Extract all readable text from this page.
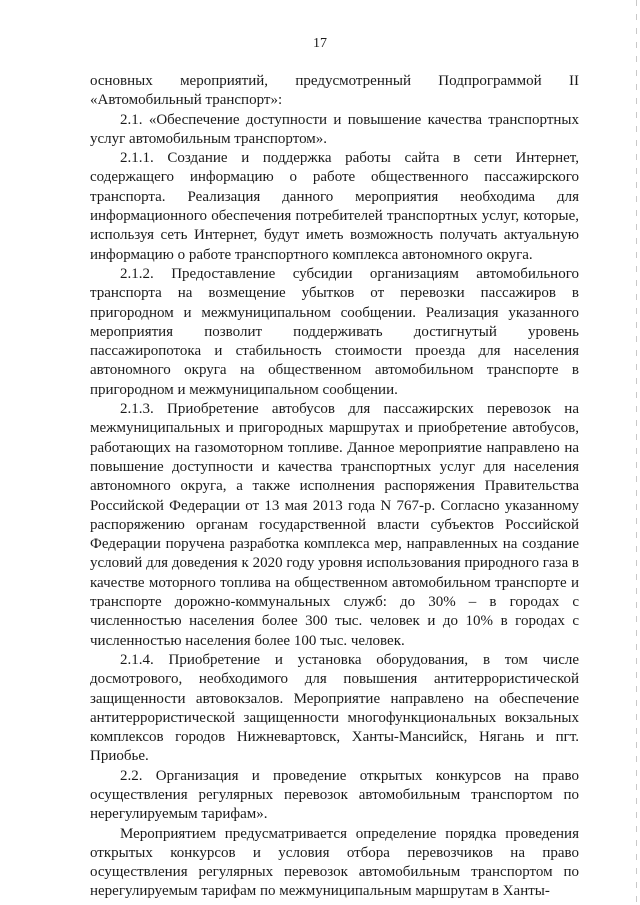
17

основных мероприятий, предусмотренный Подпрограммой II «Автомобильный транспорт»:

2.1. «Обеспечение доступности и повышение качества транспортных услуг автомобильным транспортом».

2.1.1. Создание и поддержка работы сайта в сети Интернет, содержащего информацию о работе общественного пассажирского транспорта. Реализация данного мероприятия необходима для информационного обеспечения потребителей транспортных услуг, которые, используя сеть Интернет, будут иметь возможность получать актуальную информацию о работе транспортного комплекса автономного округа.

2.1.2. Предоставление субсидии организациям автомобильного транспорта на возмещение убытков от перевозки пассажиров в пригородном и межмуниципальном сообщении. Реализация указанного мероприятия позволит поддерживать достигнутый уровень пассажиропотока и стабильность стоимости проезда для населения автономного округа на общественном автомобильном транспорте в пригородном и межмуниципальном сообщении.

2.1.3. Приобретение автобусов для пассажирских перевозок на межмуниципальных и пригородных маршрутах и приобретение автобусов, работающих на газомоторном топливе. Данное мероприятие направлено на повышение доступности и качества транспортных услуг для населения автономного округа, а также исполнения распоряжения Правительства Российской Федерации от 13 мая 2013 года N 767-р. Согласно указанному распоряжению органам государственной власти субъектов Российской Федерации поручена разработка комплекса мер, направленных на создание условий для доведения к 2020 году уровня использования природного газа в качестве моторного топлива на общественном автомобильном транспорте и транспорте дорожно-коммунальных служб: до 30% – в городах с численностью населения более 300 тыс. человек и до 10% в городах с численностью населения более 100 тыс. человек.

2.1.4. Приобретение и установка оборудования, в том числе досмотрового, необходимого для повышения антитеррористической защищенности автовокзалов. Мероприятие направлено на обеспечение антитеррористической защищенности многофункциональных вокзальных комплексов городов Нижневартовск, Ханты-Мансийск, Нягань и пгт. Приобье.

2.2. Организация и проведение открытых конкурсов на право осуществления регулярных перевозок автомобильным транспортом по нерегулируемым тарифам».

Мероприятием предусматривается определение порядка проведения открытых конкурсов и условия отбора перевозчиков на право осуществления регулярных перевозок автомобильным транспортом по нерегулируемым тарифам по межмуниципальным маршрутам в Ханты-
